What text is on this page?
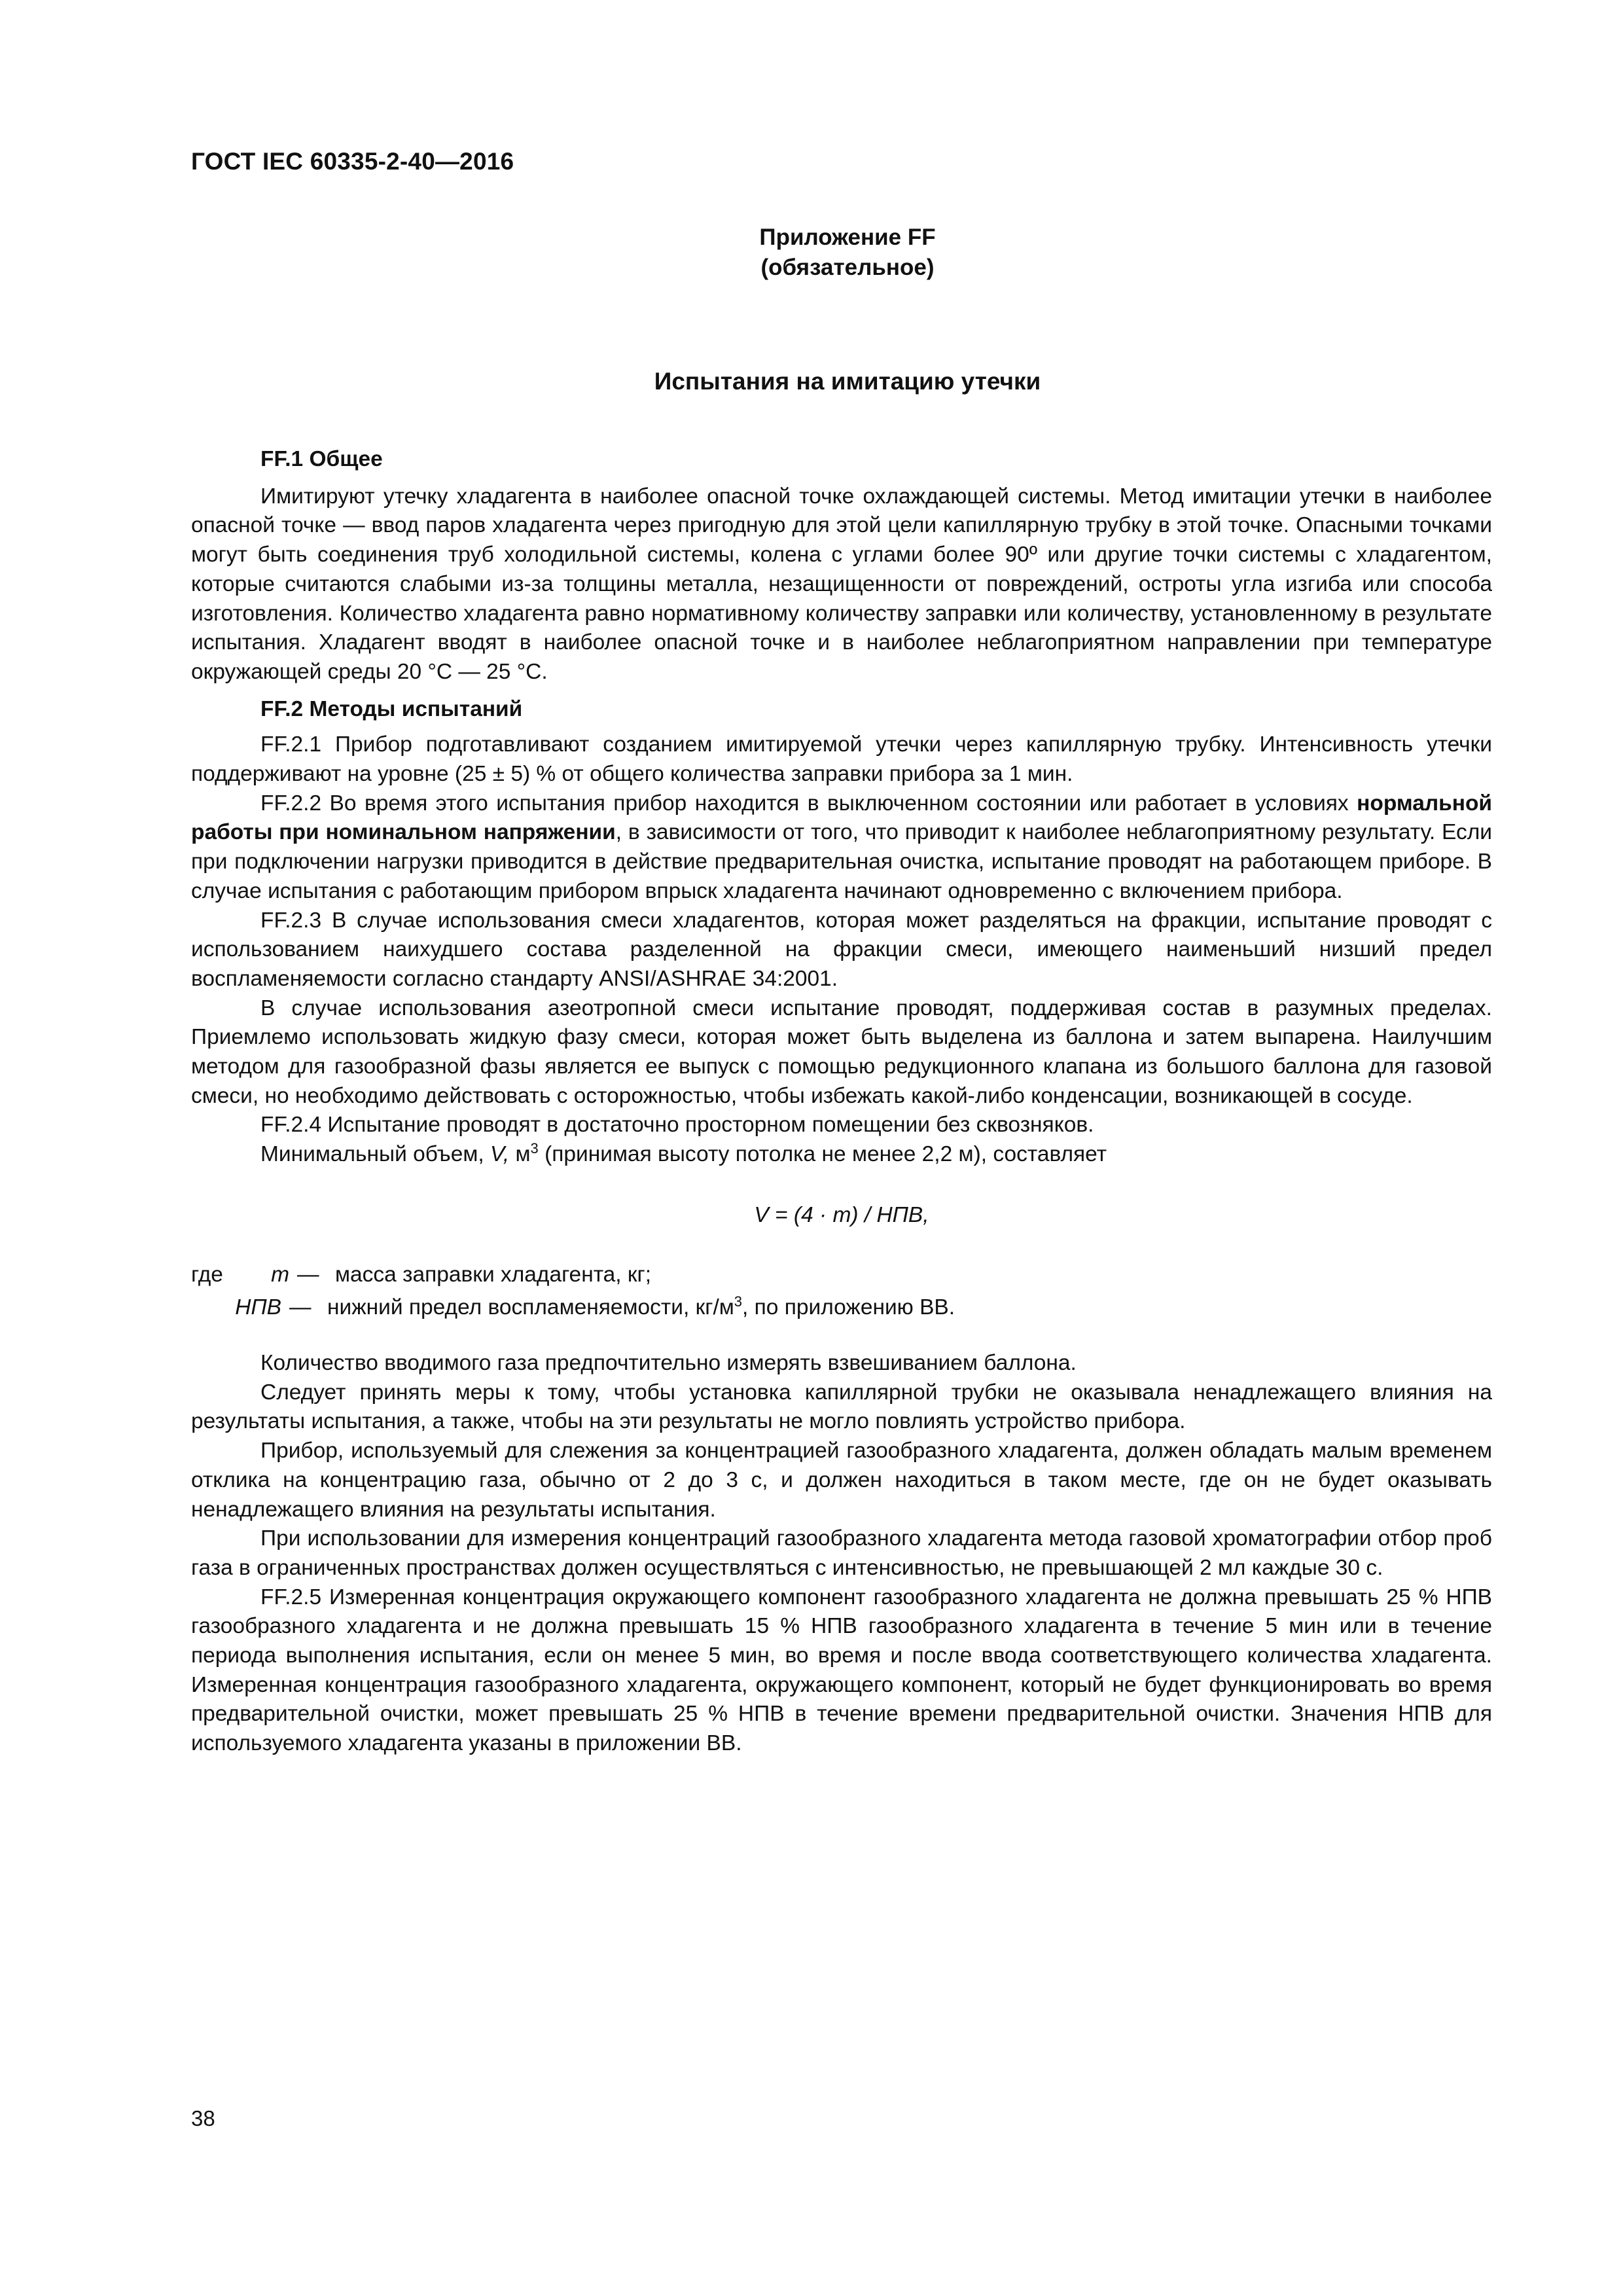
ГОСТ IEC 60335-2-40—2016
Приложение FF
(обязательное)
Испытания на имитацию утечки
FF.1 Общее

Имитируют утечку хладагента в наиболее опасной точке охлаждающей системы. Метод имитации утечки в наиболее опасной точке — ввод паров хладагента через пригодную для этой цели капиллярную трубку в этой точке. Опасными точками могут быть соединения труб холодильной системы, колена с углами более 90º или другие точки системы с хладагентом, которые считаются слабыми из-за толщины металла, незащищенности от повреждений, остроты угла изгиба или способа изготовления. Количество хладагента равно нормативному количеству заправки или количеству, установленному в результате испытания. Хладагент вводят в наиболее опасной точке и в наиболее неблагоприятном направлении при температуре окружающей среды 20 °C — 25 °C.

FF.2 Методы испытаний

FF.2.1 Прибор подготавливают созданием имитируемой утечки через капиллярную трубку. Интенсивность утечки поддерживают на уровне (25 ± 5) % от общего количества заправки прибора за 1 мин.

FF.2.2 Во время этого испытания прибор находится в выключенном состоянии или работает в условиях нормальной работы при номинальном напряжении, в зависимости от того, что приводит к наиболее неблагоприятному результату. Если при подключении нагрузки приводится в действие предварительная очистка, испытание проводят на работающем приборе. В случае испытания с работающим прибором впрыск хладагента начинают одновременно с включением прибора.

FF.2.3 В случае использования смеси хладагентов, которая может разделяться на фракции, испытание проводят с использованием наихудшего состава разделенной на фракции смеси, имеющего наименьший низший предел воспламеняемости согласно стандарту ANSI/ASHRAE 34:2001.

В случае использования азеотропной смеси испытание проводят, поддерживая состав в разумных пределах. Приемлемо использовать жидкую фазу смеси, которая может быть выделена из баллона и затем выпарена. Наилучшим методом для газообразной фазы является ее выпуск с помощью редукционного клапана из большого баллона для газовой смеси, но необходимо действовать с осторожностью, чтобы избежать какой-либо конденсации, возникающей в сосуде.

FF.2.4 Испытание проводят в достаточно просторном помещении без сквозняков.

Минимальный объем, V, $м^3$ (принимая высоту потолка не менее 2,2 м), составляет

V = (4 · m) / НПВ,
где	m — масса заправки хладагента, кг;
НПВ — нижний предел воспламеняемости, $кг/м^3$, по приложению ВВ.

Количество вводимого газа предпочтительно измерять взвешиванием баллона.

Следует принять меры к тому, чтобы установка капиллярной трубки не оказывала ненадлежащего влияния на результаты испытания, а также, чтобы на эти результаты не могло повлиять устройство прибора.

Прибор, используемый для слежения за концентрацией газообразного хладагента, должен обладать малым временем отклика на концентрацию газа, обычно от 2 до 3 с, и должен находиться в таком месте, где он не будет оказывать ненадлежащего влияния на результаты испытания.

При использовании для измерения концентраций газообразного хладагента метода газовой хроматографии отбор проб газа в ограниченных пространствах должен осуществляться с интенсивностью, не превышающей 2 мл каждые 30 с.

FF.2.5 Измеренная концентрация окружающего компонент газообразного хладагента не должна превышать 25 % НПВ газообразного хладагента и не должна превышать 15 % НПВ газообразного хладагента в течение 5 мин или в течение периода выполнения испытания, если он менее 5 мин, во время и после ввода соответствующего количества хладагента. Измеренная концентрация газообразного хладагента, окружающего компонент, который не будет функционировать во время предварительной очистки, может превышать 25 % НПВ в течение времени предварительной очистки. Значения НПВ для используемого хладагента указаны в приложении ВВ.

38
